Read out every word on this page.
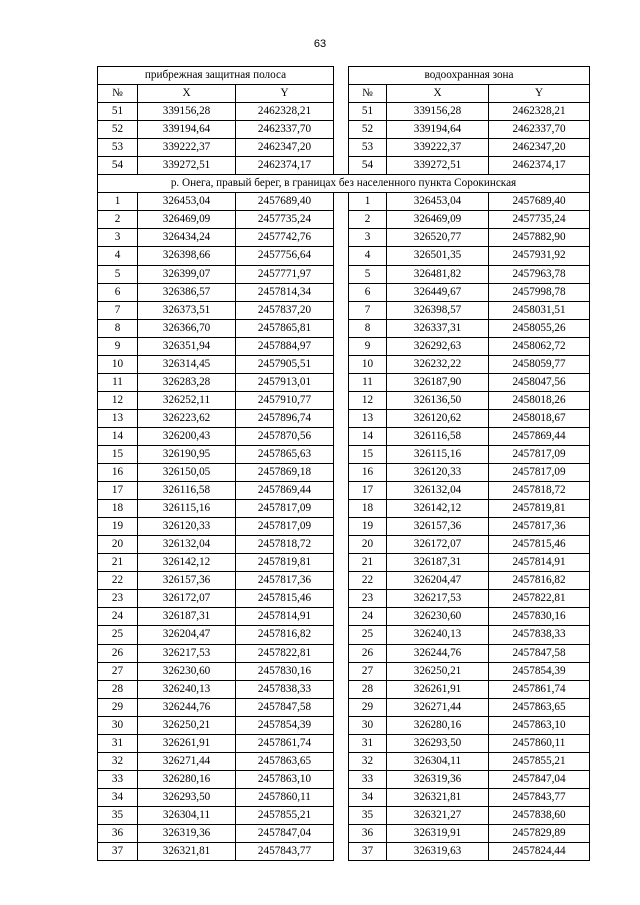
63
прибрежная защитная полоса				водоохранная зона		
№	X	Y		№	X	Y
51	339156,28	2462328,21		51	339156,28	2462328,21
52	339194,64	2462337,70		52	339194,64	2462337,70
53	339222,37	2462347,20		53	339222,37	2462347,20
54	339272,51	2462374,17		54	339272,51	2462374,17
р. Онега, правый берег, в границах без населенного пункта Сорокинская						
1	326453,04	2457689,40		1	326453,04	2457689,40
2	326469,09	2457735,24		2	326469,09	2457735,24
3	326434,24	2457742,76		3	326520,77	2457882,90
4	326398,66	2457756,64		4	326501,35	2457931,92
5	326399,07	2457771,97		5	326481,82	2457963,78
6	326386,57	2457814,34		6	326449,67	2457998,78
7	326373,51	2457837,20		7	326398,57	2458031,51
8	326366,70	2457865,81		8	326337,31	2458055,26
9	326351,94	2457884,97		9	326292,63	2458062,72
10	326314,45	2457905,51		10	326232,22	2458059,77
11	326283,28	2457913,01		11	326187,90	2458047,56
12	326252,11	2457910,77		12	326136,50	2458018,26
13	326223,62	2457896,74		13	326120,62	2458018,67
14	326200,43	2457870,56		14	326116,58	2457869,44
15	326190,95	2457865,63		15	326115,16	2457817,09
16	326150,05	2457869,18		16	326120,33	2457817,09
17	326116,58	2457869,44		17	326132,04	2457818,72
18	326115,16	2457817,09		18	326142,12	2457819,81
19	326120,33	2457817,09		19	326157,36	2457817,36
20	326132,04	2457818,72		20	326172,07	2457815,46
21	326142,12	2457819,81		21	326187,31	2457814,91
22	326157,36	2457817,36		22	326204,47	2457816,82
23	326172,07	2457815,46		23	326217,53	2457822,81
24	326187,31	2457814,91		24	326230,60	2457830,16
25	326204,47	2457816,82		25	326240,13	2457838,33
26	326217,53	2457822,81		26	326244,76	2457847,58
27	326230,60	2457830,16		27	326250,21	2457854,39
28	326240,13	2457838,33		28	326261,91	2457861,74
29	326244,76	2457847,58		29	326271,44	2457863,65
30	326250,21	2457854,39		30	326280,16	2457863,10
31	326261,91	2457861,74		31	326293,50	2457860,11
32	326271,44	2457863,65		32	326304,11	2457855,21
33	326280,16	2457863,10		33	326319,36	2457847,04
34	326293,50	2457860,11		34	326321,81	2457843,77
35	326304,11	2457855,21		35	326321,27	2457838,60
36	326319,36	2457847,04		36	326319,91	2457829,89
37	326321,81	2457843,77		37	326319,63	2457824,44
